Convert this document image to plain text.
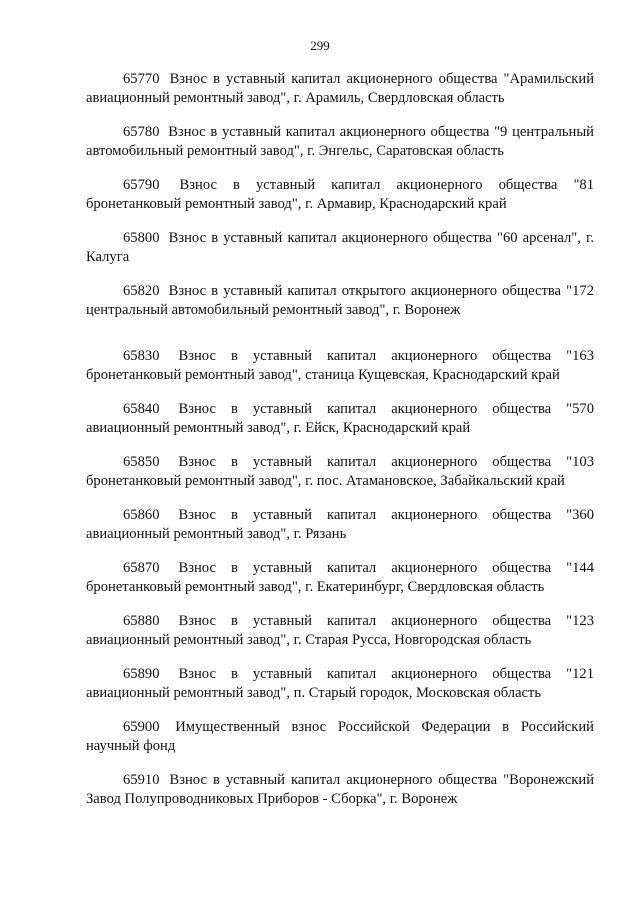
299

65770 Взнос в уставный капитал акционерного общества "Арамильский авиационный ремонтный завод", г. Арамиль, Свердловская область

65780 Взнос в уставный капитал акционерного общества "9 центральный автомобильный ремонтный завод", г. Энгельс, Саратовская область

65790 Взнос в уставный капитал акционерного общества "81 бронетанковый ремонтный завод", г. Армавир, Краснодарский край

65800 Взнос в уставный капитал акционерного общества "60 арсенал", г. Калуга

65820 Взнос в уставный капитал открытого акционерного общества "172 центральный автомобильный ремонтный завод", г. Воронеж

65830 Взнос в уставный капитал акционерного общества "163 бронетанковый ремонтный завод", станица Кущевская, Краснодарский край

65840 Взнос в уставный капитал акционерного общества "570 авиационный ремонтный завод", г. Ейск, Краснодарский край

65850 Взнос в уставный капитал акционерного общества "103 бронетанковый ремонтный завод", г. пос. Атамановское, Забайкальский край

65860 Взнос в уставный капитал акционерного общества "360 авиационный ремонтный завод", г. Рязань

65870 Взнос в уставный капитал акционерного общества "144 бронетанковый ремонтный завод", г. Екатеринбург, Свердловская область

65880 Взнос в уставный капитал акционерного общества "123 авиационный ремонтный завод", г. Старая Русса, Новгородская область

65890 Взнос в уставный капитал акционерного общества "121 авиационный ремонтный завод", п. Старый городок, Московская область

65900 Имущественный взнос Российской Федерации в Российский научный фонд

65910 Взнос в уставный капитал акционерного общества "Воронежский Завод Полупроводниковых Приборов - Сборка", г. Воронеж
